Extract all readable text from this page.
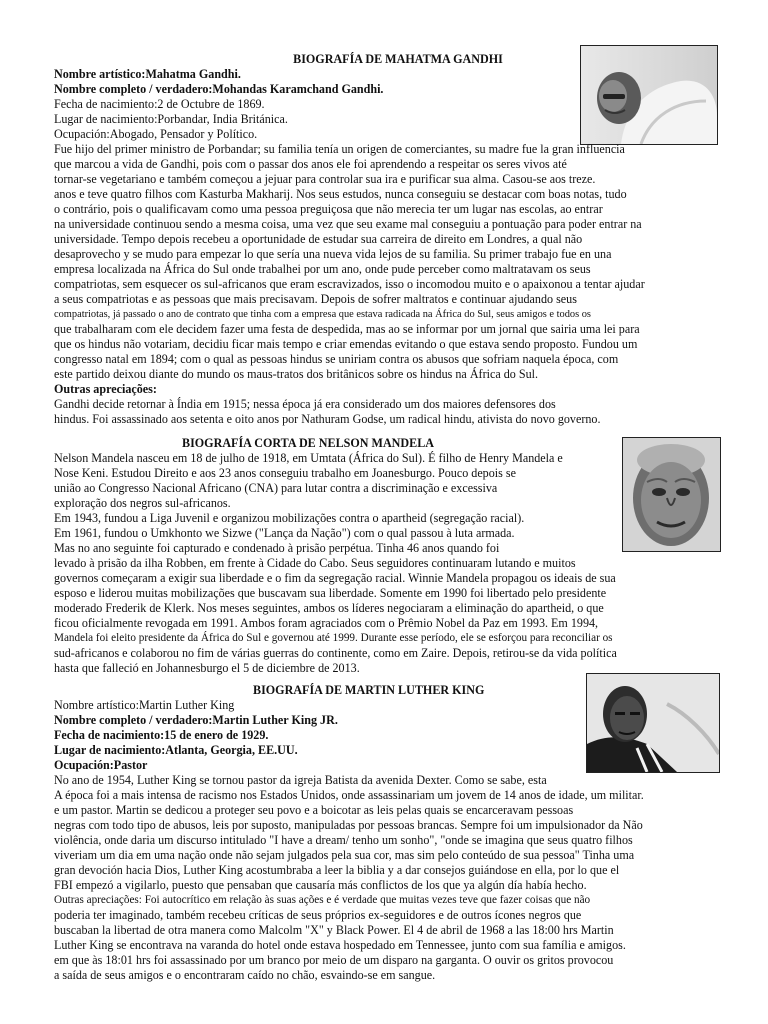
BIOGRAFÍA DE MAHATMA GANDHI

Nombre artístico:Mahatma Gandhi.

Nombre completo / verdadero:Mohandas Karamchand Gandhi.

Fecha de nacimiento:2 de Octubre de 1869.

Lugar de nacimiento:Porbandar, India Británica.

Ocupación:Abogado, Pensador y Político.

Fue hijo del primer ministro de Porbandar; su familia tenía un origen de comerciantes, su madre fue la gran influencia

que marcou a vida de Gandhi, pois com o passar dos anos ele foi aprendendo a respeitar os seres vivos até

tornar-se vegetariano e também começou a jejuar para controlar sua ira e purificar sua alma. Casou-se aos treze.

anos e teve quatro filhos com Kasturba Makharij. Nos seus estudos, nunca conseguiu se destacar com boas notas, tudo

o contrário, pois o qualificavam como uma pessoa preguiçosa que não merecia ter um lugar nas escolas, ao entrar

na universidade continuou sendo a mesma coisa, uma vez que seu exame mal conseguiu a pontuação para poder entrar na

universidade. Tempo depois recebeu a oportunidade de estudar sua carreira de direito em Londres, a qual não

desaprovecho y se mudo para empezar lo que sería una nueva vida lejos de su familia. Su primer trabajo fue en una

empresa localizada na África do Sul onde trabalhei por um ano, onde pude perceber como maltratavam os seus

compatriotas, sem esquecer os sul-africanos que eram escravizados, isso o incomodou muito e o apaixonou a tentar ajudar

a seus compatriotas e as pessoas que mais precisavam. Depois de sofrer maltratos e continuar ajudando seus

compatriotas, já passado o ano de contrato que tinha com a empresa que estava radicada na África do Sul, seus amigos e todos os

que trabalharam com ele decidem fazer uma festa de despedida, mas ao se informar por um jornal que sairia uma lei para

que os hindus não votariam, decidiu ficar mais tempo e criar emendas evitando o que estava sendo proposto. Fundou um

congresso natal em 1894; com o qual as pessoas hindus se uniriam contra os abusos que sofriam naquela época, com

este partido deixou diante do mundo os maus-tratos dos britânicos sobre os hindus na África do Sul.

Outras apreciações:

Gandhi decide retornar à Índia em 1915; nessa época já era considerado um dos maiores defensores dos

hindus. Foi assassinado aos setenta e oito anos por Nathuram Godse, um radical hindu, ativista do novo governo.

BIOGRAFÍA CORTA DE NELSON MANDELA

Nelson Mandela nasceu em 18 de julho de 1918, em Umtata (África do Sul). É filho de Henry Mandela e

Nose Keni. Estudou Direito e aos 23 anos conseguiu trabalho em Joanesburgo. Pouco depois se

união ao Congresso Nacional Africano (CNA) para lutar contra a discriminação e excessiva

exploração dos negros sul-africanos.

Em 1943, fundou a Liga Juvenil e organizou mobilizações contra o apartheid (segregação racial).

Em 1961, fundou o Umkhonto we Sizwe ("Lança da Nação") com o qual passou à luta armada.

Mas no ano seguinte foi capturado e condenado à prisão perpétua. Tinha 46 anos quando foi

levado à prisão da ilha Robben, em frente à Cidade do Cabo. Seus seguidores continuaram lutando e muitos

governos começaram a exigir sua liberdade e o fim da segregação racial. Winnie Mandela propagou os ideais de sua

esposo e liderou muitas mobilizações que buscavam sua liberdade. Somente em 1990 foi libertado pelo presidente

moderado Frederik de Klerk. Nos meses seguintes, ambos os líderes negociaram a eliminação do apartheid, o que

ficou oficialmente revogada em 1991. Ambos foram agraciados com o Prêmio Nobel da Paz em 1993. Em 1994,

Mandela foi eleito presidente da África do Sul e governou até 1999. Durante esse período, ele se esforçou para reconciliar os

sud-africanos e colaborou no fim de várias guerras do continente, como em Zaire. Depois, retirou-se da vida política

hasta que falleció en Johannesburgo el 5 de diciembre de 2013.

BIOGRAFÍA DE MARTIN LUTHER KING

Nombre artístico:Martin Luther King

Nombre completo / verdadero:Martin Luther King JR.

Fecha de nacimiento:15 de enero de 1929.

Lugar de nacimiento:Atlanta, Georgia, EE.UU.

Ocupación:Pastor

No ano de 1954, Luther King se tornou pastor da igreja Batista da avenida Dexter. Como se sabe, esta

A época foi a mais intensa de racismo nos Estados Unidos, onde assassinariam um jovem de 14 anos de idade, um militar.

e um pastor. Martin se dedicou a proteger seu povo e a boicotar as leis pelas quais se encarceravam pessoas

negras com todo tipo de abusos, leis por suposto, manipuladas por pessoas brancas. Sempre foi um impulsionador da Não

violência, onde daria um discurso intitulado "I have a dream/ tenho um sonho", "onde se imagina que seus quatro filhos

viveriam um dia em uma nação onde não sejam julgados pela sua cor, mas sim pelo conteúdo de sua pessoa" Tinha uma

gran devoción hacia Dios, Luther King acostumbraba a leer la biblia y a dar consejos guiándose en ella, por lo que el

FBI empezó a vigilarlo, puesto que pensaban que causaría más conflictos de los que ya algún día había hecho.

Outras apreciações: Foi autocrítico em relação às suas ações e é verdade que muitas vezes teve que fazer coisas que não

poderia ter imaginado, também recebeu críticas de seus próprios ex-seguidores e de outros ícones negros que

buscaban la libertad de otra manera como Malcolm "X" y Black Power. El 4 de abril de 1968 a las 18:00 hrs Martin

Luther King se encontrava na varanda do hotel onde estava hospedado em Tennessee, junto com sua família e amigos.

em que às 18:01 hrs foi assassinado por um branco por meio de um disparo na garganta. O ouvir os gritos provocou

a saída de seus amigos e o encontraram caído no chão, esvaindo-se em sangue.
